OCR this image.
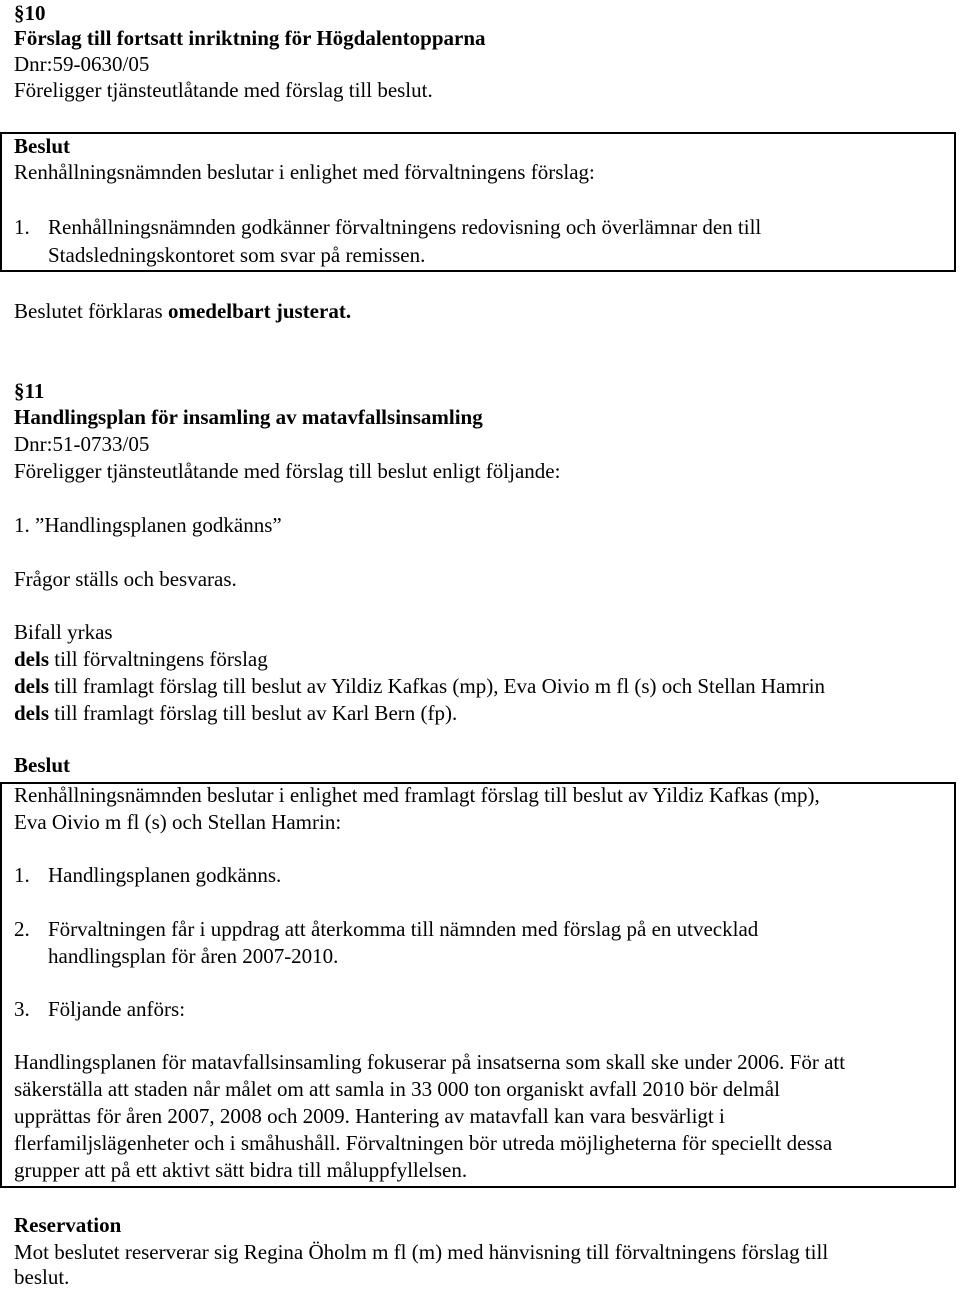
§10
Förslag till fortsatt inriktning för Högdalentopparna
Dnr:59-0630/05
Föreligger tjänsteutlåtande med förslag till beslut.
Beslut
Renhållningsnämnden beslutar i enlighet med förvaltningens förslag:
1. Renhållningsnämnden godkänner förvaltningens redovisning och överlämnar den till
Stadsledningskontoret som svar på remissen.
Beslutet förklaras omedelbart justerat.
§11
Handlingsplan för insamling av matavfallsinsamling
Dnr:51-0733/05
Föreligger tjänsteutlåtande med förslag till beslut enligt följande:
1. ”Handlingsplanen godkänns”
Frågor ställs och besvaras.
Bifall yrkas
dels till förvaltningens förslag
dels till framlagt förslag till beslut av Yildiz Kafkas (mp), Eva Oivio m fl (s) och Stellan Hamrin
dels till framlagt förslag till beslut av Karl Bern (fp).
Beslut
Renhållningsnämnden beslutar i enlighet med framlagt förslag till beslut av Yildiz Kafkas (mp),
Eva Oivio m fl (s) och Stellan Hamrin:
1. Handlingsplanen godkänns.
2. Förvaltningen får i uppdrag att återkomma till nämnden med förslag på en utvecklad
handlingsplan för åren 2007-2010.
3. Följande anförs:
Handlingsplanen för matavfallsinsamling fokuserar på insatserna som skall ske under 2006. För att
säkerställa att staden når målet om att samla in 33 000 ton organiskt avfall 2010 bör delmål
upprättas för åren 2007, 2008 och 2009. Hantering av matavfall kan vara besvärligt i
flerfamiljslägenheter och i småhushåll. Förvaltningen bör utreda möjligheterna för speciellt dessa
grupper att på ett aktivt sätt bidra till måluppfyllelsen.
Reservation
Mot beslutet reserverar sig Regina Öholm m fl (m) med hänvisning till förvaltningens förslag till
beslut.
